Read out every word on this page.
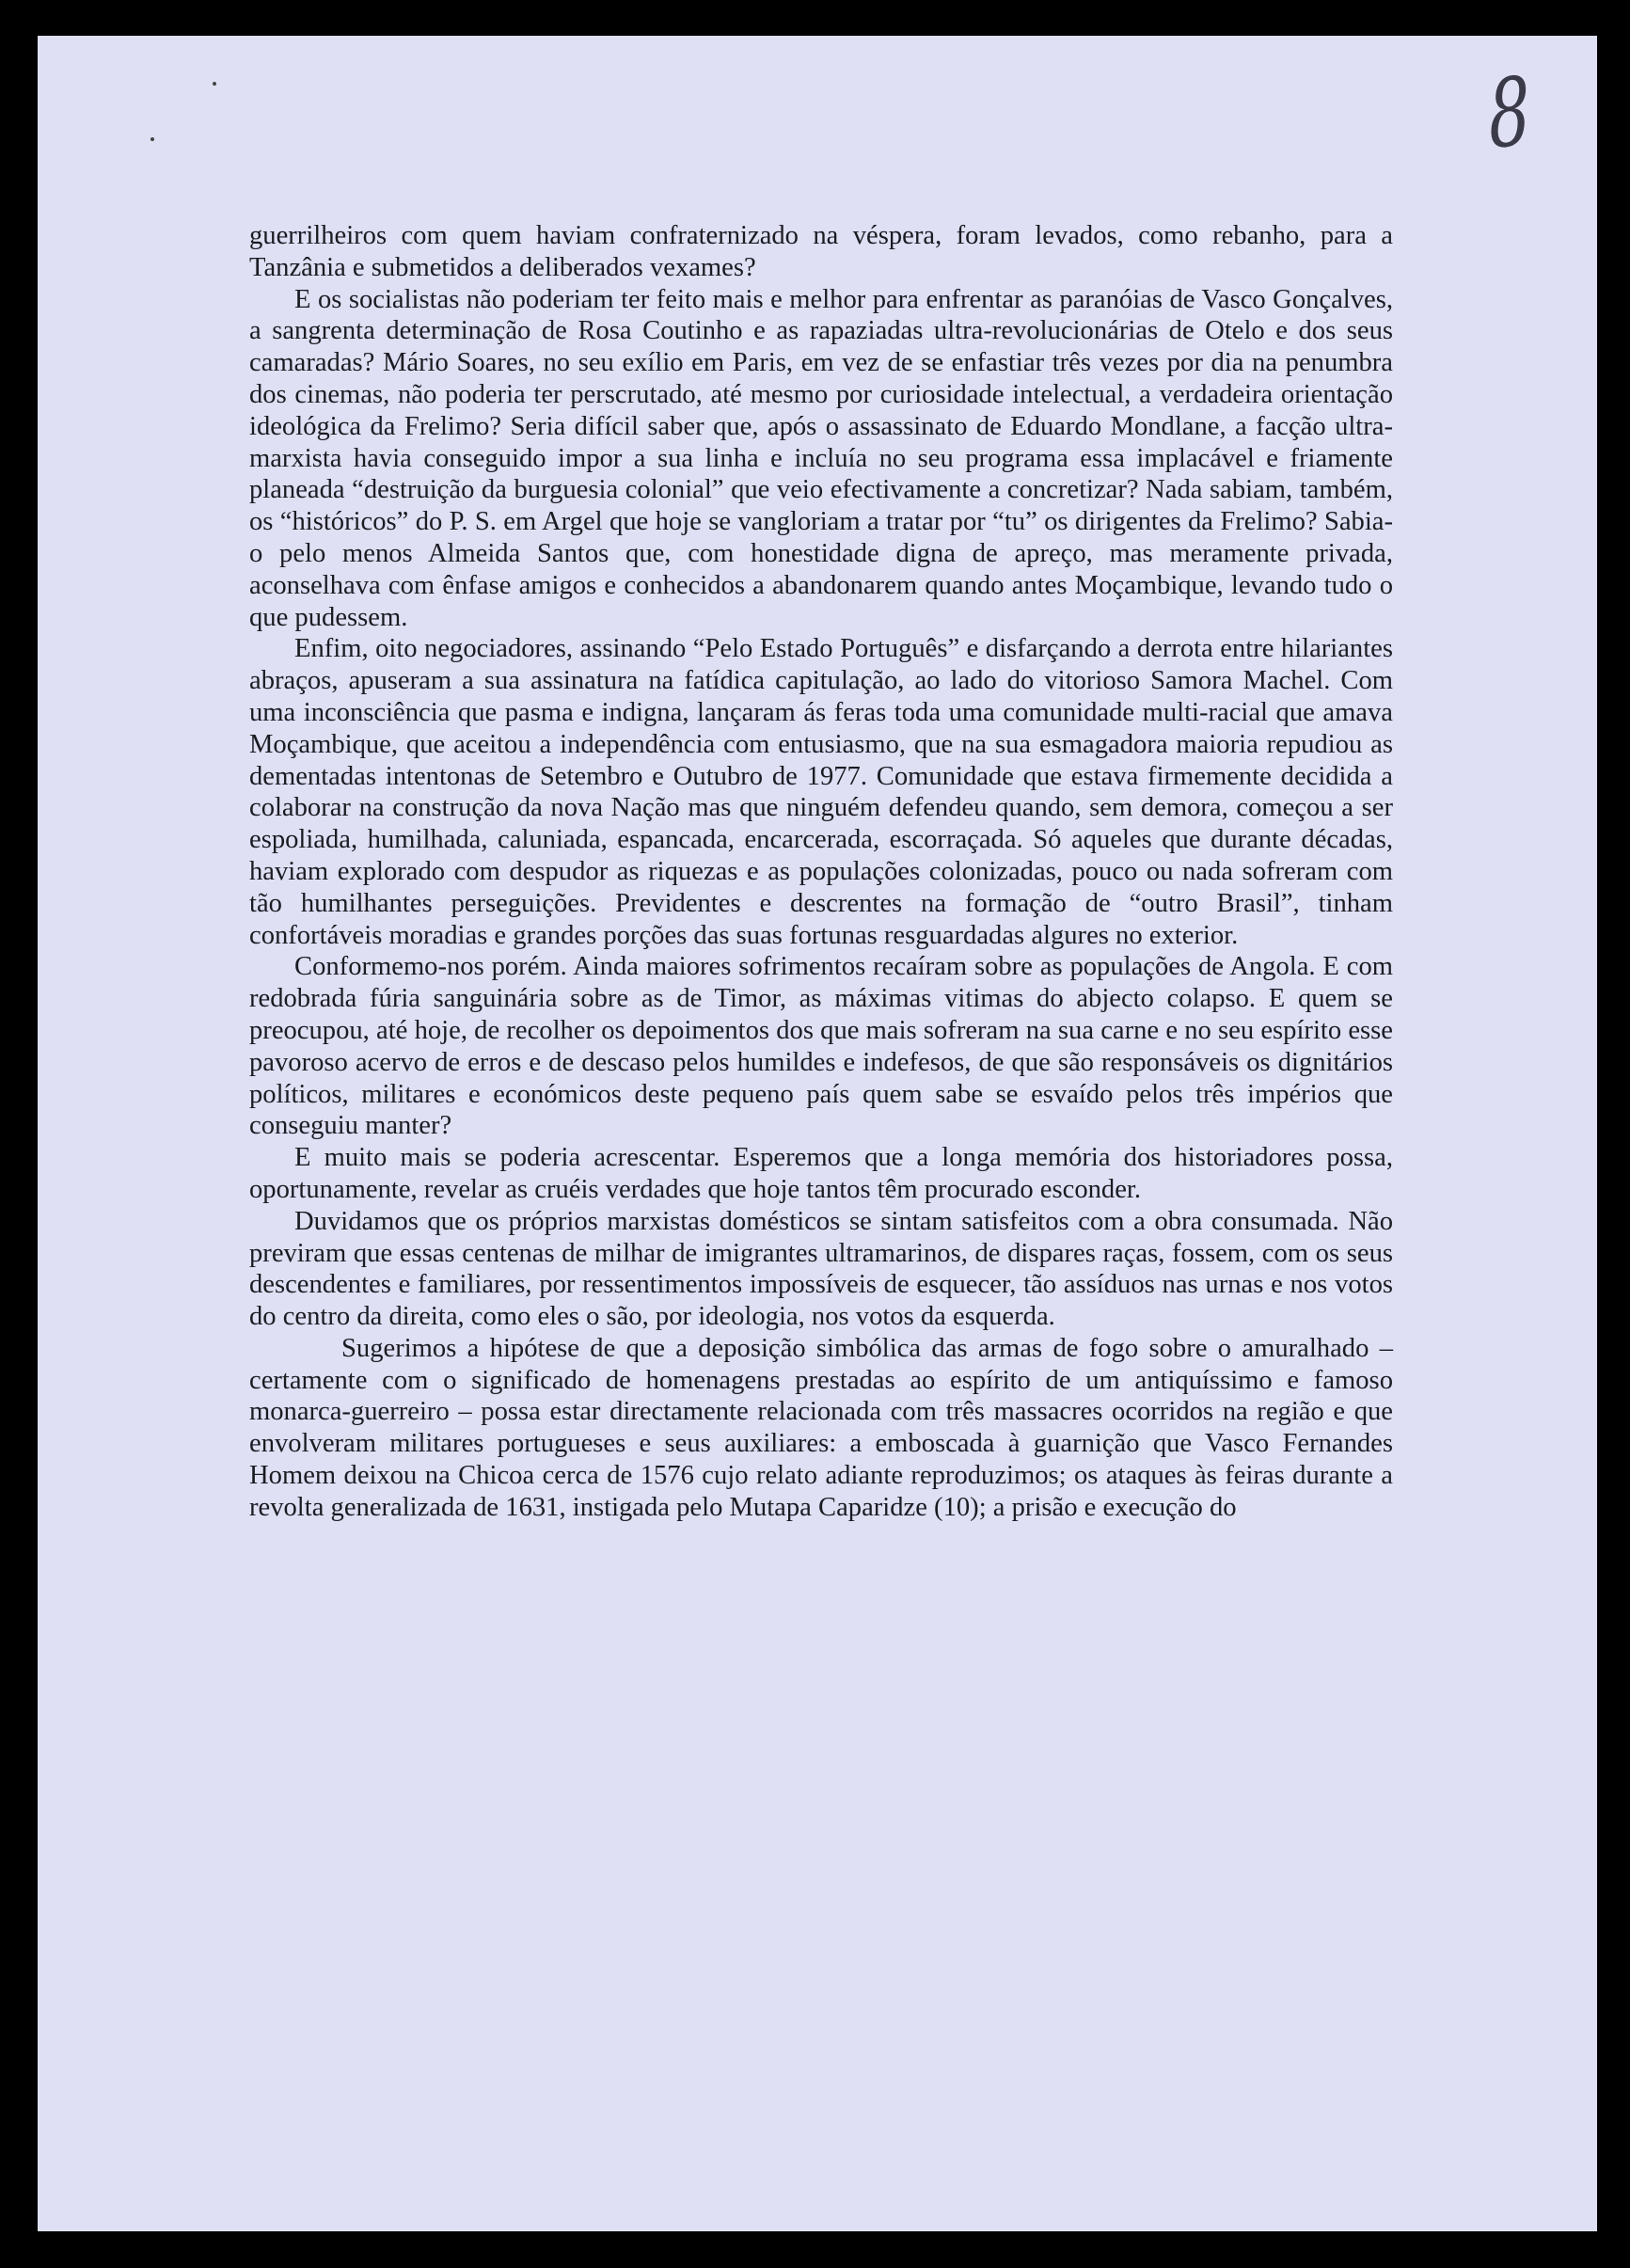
8

guerrilheiros com quem haviam confraternizado na véspera, foram levados, como rebanho, para a Tanzânia e submetidos a deliberados vexames?

E os socialistas não poderiam ter feito mais e melhor para enfrentar as paranóias de Vasco Gonçalves, a sangrenta determinação de Rosa Coutinho e as rapaziadas ultra-revolucionárias de Otelo e dos seus camaradas? Mário Soares, no seu exílio em Paris, em vez de se enfastiar três vezes por dia na penumbra dos cinemas, não poderia ter perscrutado, até mesmo por curiosidade intelectual, a verdadeira orientação ideológica da Frelimo? Seria difícil saber que, após o assassinato de Eduardo Mondlane, a facção ultra-marxista havia conseguido impor a sua linha e incluía no seu programa essa implacável e friamente planeada “destruição da burguesia colonial” que veio efectivamente a concretizar? Nada sabiam, também, os “históricos” do P. S. em Argel que hoje se vangloriam a tratar por “tu” os dirigentes da Frelimo? Sabia-o pelo menos Almeida Santos que, com honestidade digna de apreço, mas meramente privada, aconselhava com ênfase amigos e conhecidos a abandonarem quando antes Moçambique, levando tudo o que pudessem.

Enfim, oito negociadores, assinando “Pelo Estado Português” e disfarçando a derrota entre hilariantes abraços, apuseram a sua assinatura na fatídica capitulação, ao lado do vitorioso Samora Machel. Com uma inconsciência que pasma e indigna, lançaram ás feras toda uma comunidade multi-racial que amava Moçambique, que aceitou a independência com entusiasmo, que na sua esmagadora maioria repudiou as dementadas intentonas de Setembro e Outubro de 1977. Comunidade que estava firmemente decidida a colaborar na construção da nova Nação mas que ninguém defendeu quando, sem demora, começou a ser espoliada, humilhada, caluniada, espancada, encarcerada, escorraçada. Só aqueles que durante décadas, haviam explorado com despudor as riquezas e as populações colonizadas, pouco ou nada sofreram com tão humilhantes perseguições. Previdentes e descrentes na formação de “outro Brasil”, tinham confortáveis moradias e grandes porções das suas fortunas resguardadas algures no exterior.

Conformemo-nos porém. Ainda maiores sofrimentos recaíram sobre as populações de Angola. E com redobrada fúria sanguinária sobre as de Timor, as máximas vitimas do abjecto colapso. E quem se preocupou, até hoje, de recolher os depoimentos dos que mais sofreram na sua carne e no seu espírito esse pavoroso acervo de erros e de descaso pelos humildes e indefesos, de que são responsáveis os dignitários políticos, militares e económicos deste pequeno país quem sabe se esvaído pelos três impérios que conseguiu manter?

E muito mais se poderia acrescentar. Esperemos que a longa memória dos historiadores possa, oportunamente, revelar as cruéis verdades que hoje tantos têm procurado esconder.

Duvidamos que os próprios marxistas domésticos se sintam satisfeitos com a obra consumada. Não previram que essas centenas de milhar de imigrantes ultramarinos, de dispares raças, fossem, com os seus descendentes e familiares, por ressentimentos impossíveis de esquecer, tão assíduos nas urnas e nos votos do centro da direita, como eles o são, por ideologia, nos votos da esquerda.

Sugerimos a hipótese de que a deposição simbólica das armas de fogo sobre o amuralhado – certamente com o significado de homenagens prestadas ao espírito de um antiquíssimo e famoso monarca-guerreiro – possa estar directamente relacionada com três massacres ocorridos na região e que envolveram militares portugueses e seus auxiliares: a emboscada à guarnição que Vasco Fernandes Homem deixou na Chicoa cerca de 1576 cujo relato adiante reproduzimos; os ataques às feiras durante a revolta generalizada de 1631, instigada pelo Mutapa Caparidze (10); a prisão e execução do
